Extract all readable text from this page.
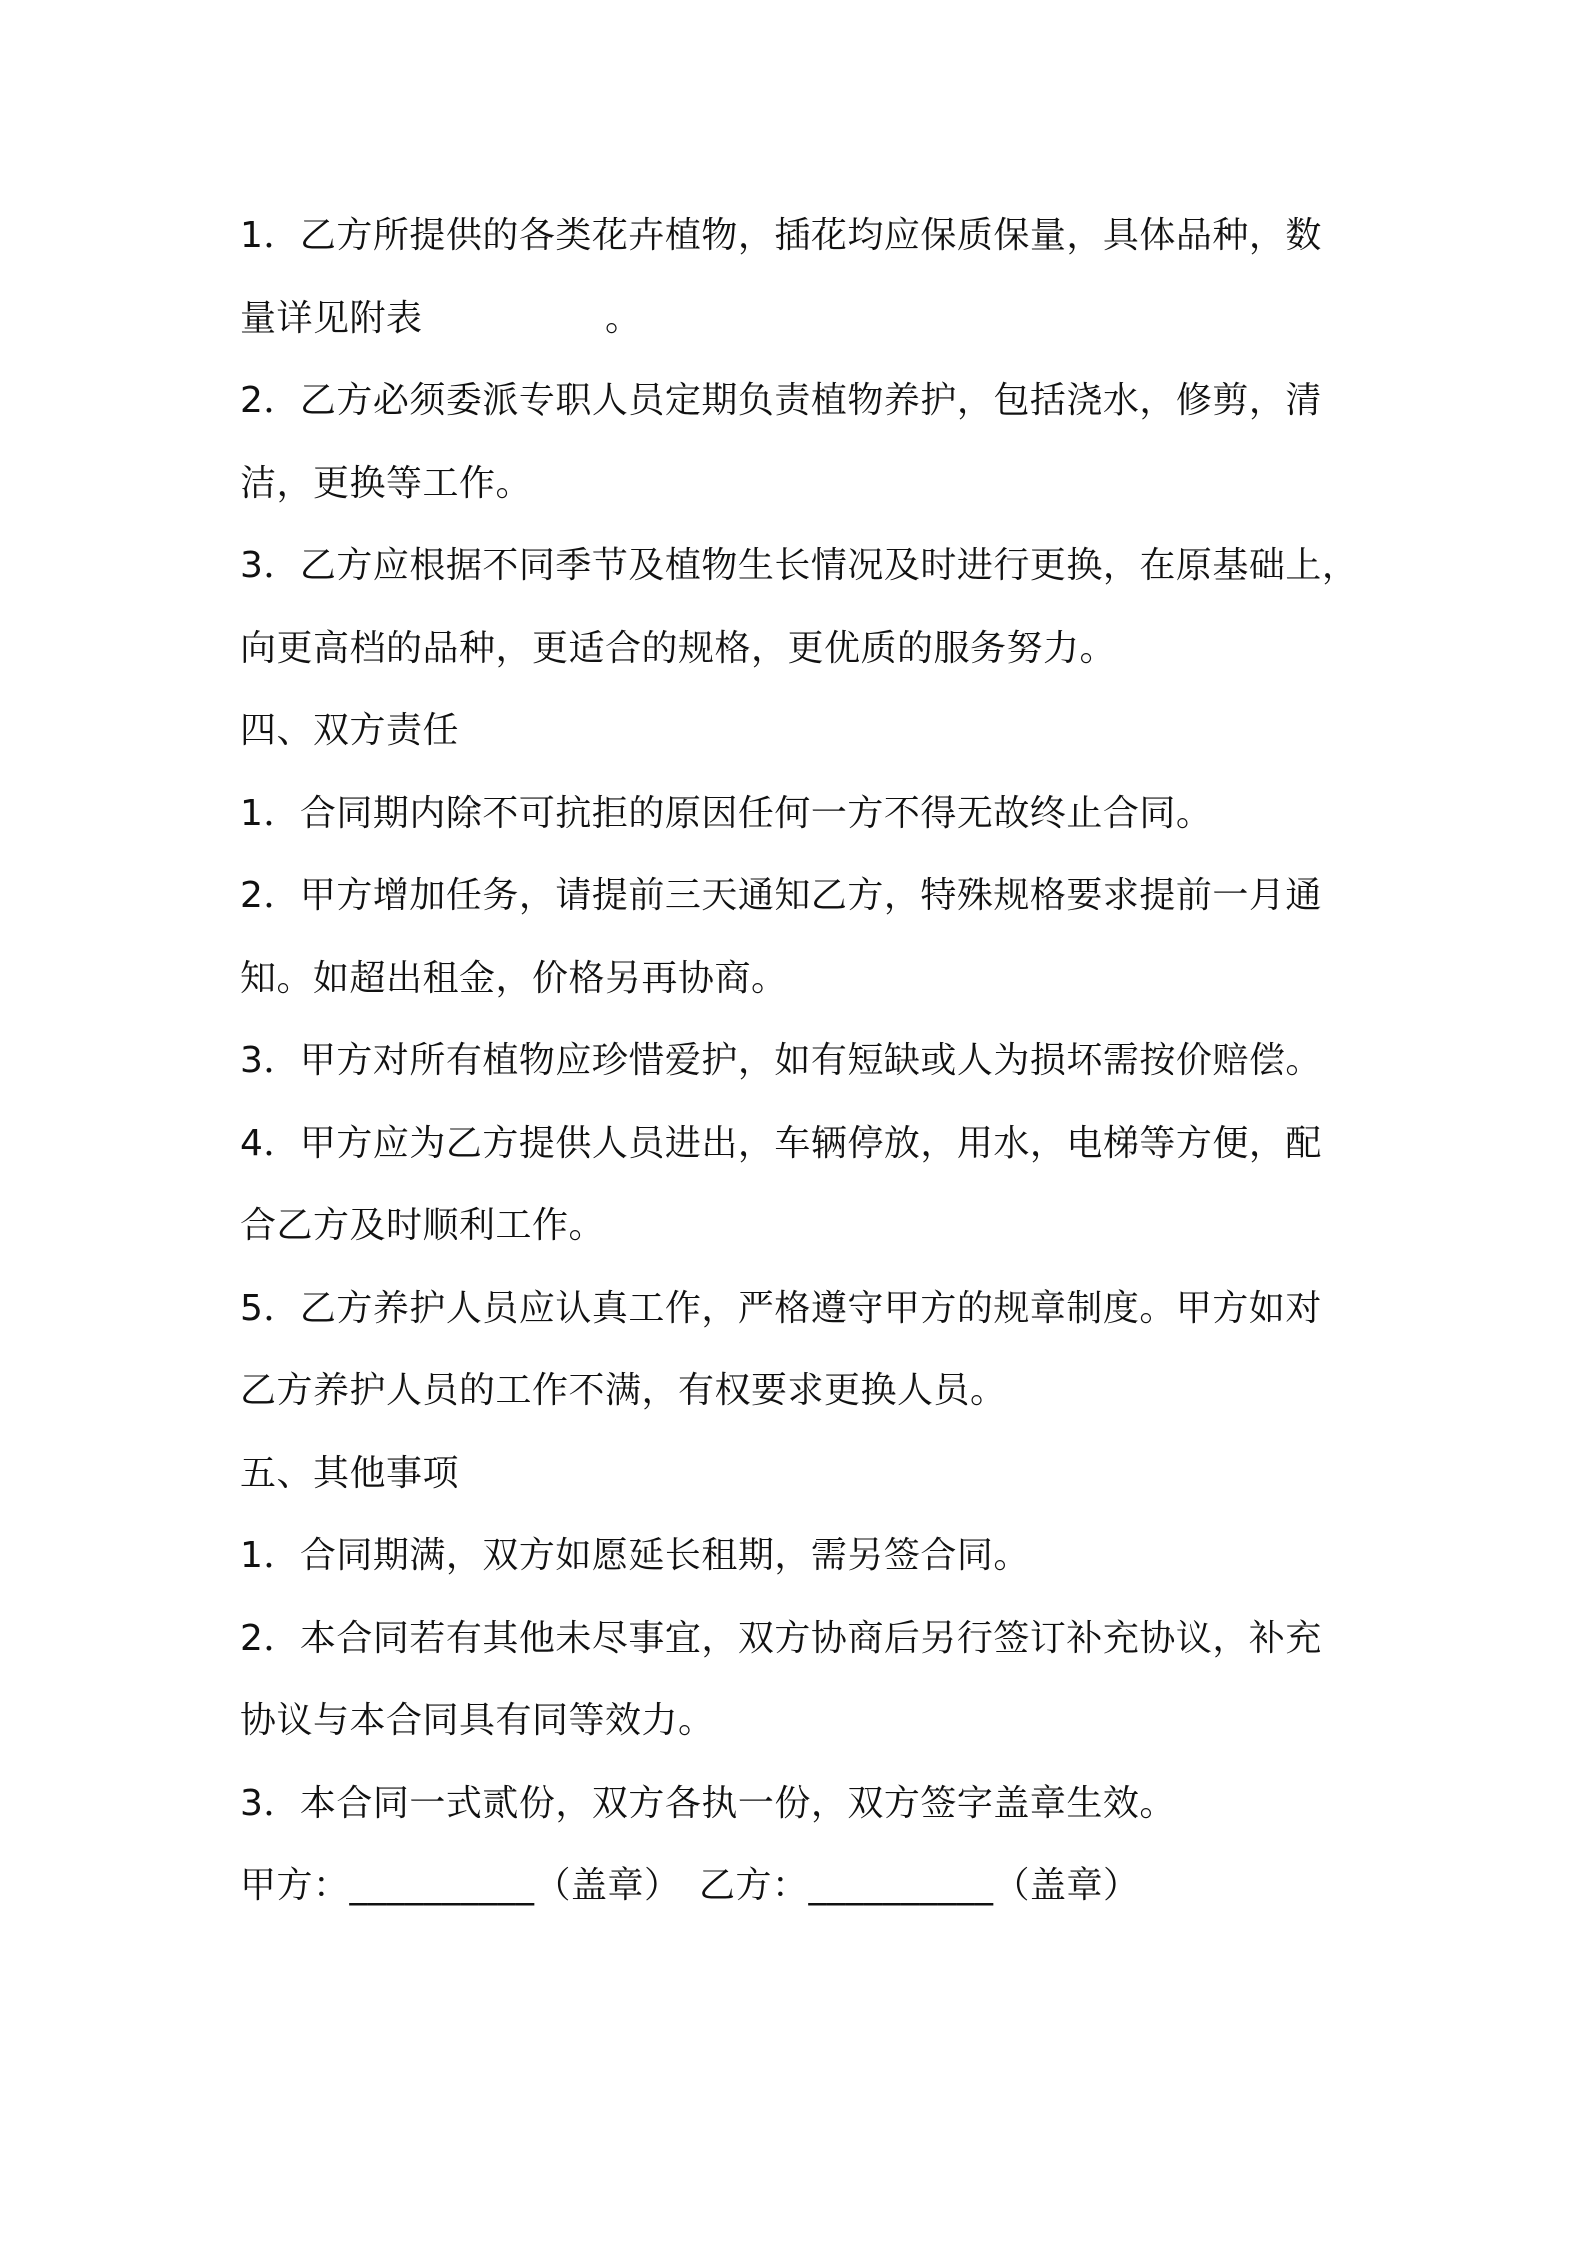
1．乙方所提供的各类花卉植物，插花均应保质保量，具体品种，数
量详见附表　　　　　。
2．乙方必须委派专职人员定期负责植物养护，包括浇水，修剪，清
洁，更换等工作。
3．乙方应根据不同季节及植物生长情况及时进行更换，在原基础上，
向更高档的品种，更适合的规格，更优质的服务努力。
四、双方责任
1．合同期内除不可抗拒的原因任何一方不得无故终止合同。
2．甲方增加任务，请提前三天通知乙方，特殊规格要求提前一月通
知。如超出租金，价格另再协商。
3．甲方对所有植物应珍惜爱护，如有短缺或人为损坏需按价赔偿。
4．甲方应为乙方提供人员进出，车辆停放，用水，电梯等方便，配
合乙方及时顺利工作。
5．乙方养护人员应认真工作，严格遵守甲方的规章制度。甲方如对
乙方养护人员的工作不满，有权要求更换人员。
五、其他事项
1．合同期满，双方如愿延长租期，需另签合同。
2．本合同若有其他未尽事宜，双方协商后另行签订补充协议，补充
协议与本合同具有同等效力。
3．本合同一式贰份，双方各执一份，双方签字盖章生效。
甲方：__________（盖章）　乙方：__________（盖章）
